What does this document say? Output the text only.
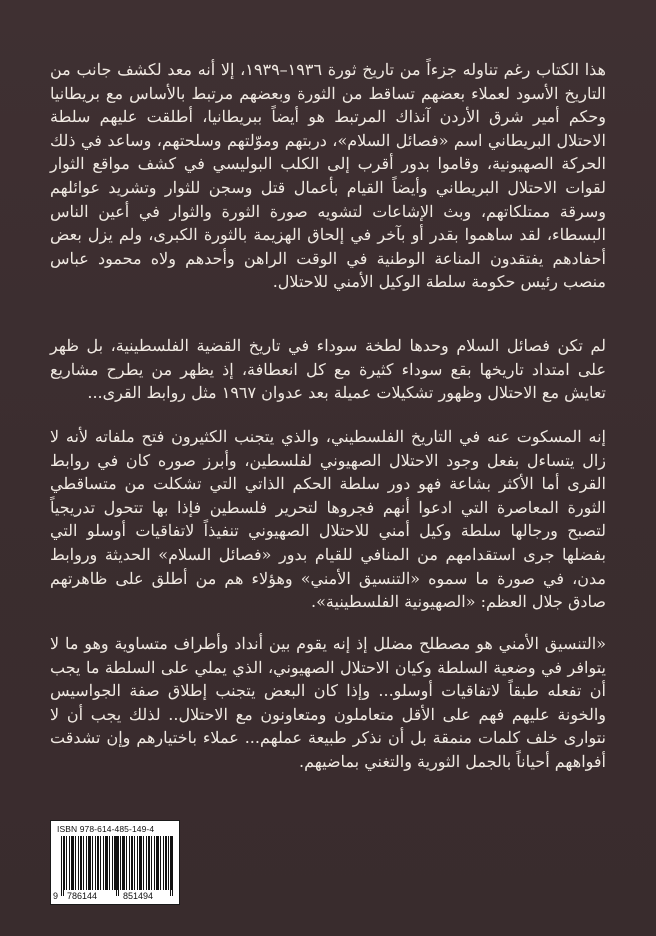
هذا الكتاب رغم تناوله جزءاً من تاريخ ثورة ١٩٣٦–١٩٣٩، إلا أنه معد لكشف جانب من التاريخ الأسود لعملاء بعضهم تساقط من الثورة وبعضهم مرتبط بالأساس مع بريطانيا وحكم أمير شرق الأردن آنذاك المرتبط هو أيضاً ببريطانيا، أطلقت عليهم سلطة الاحتلال البريطاني اسم «فصائل السلام»، دربتهم وموّلتهم وسلحتهم، وساعد في ذلك الحركة الصهيونية، وقاموا بدور أقرب إلى الكلب البوليسي في كشف مواقع الثوار لقوات الاحتلال البريطاني وأيضاً القيام بأعمال قتل وسجن للثوار وتشريد عوائلهم وسرقة ممتلكاتهم، وبث الإشاعات لتشويه صورة الثورة والثوار في أعين الناس البسطاء، لقد ساهموا بقدر أو بآخر في إلحاق الهزيمة بالثورة الكبرى، ولم يزل بعض أحفادهم يفتقدون المناعة الوطنية في الوقت الراهن وأحدهم ولاه محمود عباس منصب رئيس حكومة سلطة الوكيل الأمني للاحتلال.

لم تكن فصائل السلام وحدها لطخة سوداء في تاريخ القضية الفلسطينية، بل ظهر على امتداد تاريخها بقع سوداء كثيرة مع كل انعطافة، إذ يظهر من يطرح مشاريع تعايش مع الاحتلال وظهور تشكيلات عميلة بعد عدوان ١٩٦٧ مثل روابط القرى...

إنه المسكوت عنه في التاريخ الفلسطيني، والذي يتجنب الكثيرون فتح ملفاته لأنه لا زال يتساءل بفعل وجود الاحتلال الصهيوني لفلسطين، وأبرز صوره كان في روابط القرى أما الأكثر بشاعة فهو دور سلطة الحكم الذاتي التي تشكلت من متساقطي الثورة المعاصرة التي ادعوا أنهم فجروها لتحرير فلسطين فإذا بها تتحول تدريجياً لتصبح ورجالها سلطة وكيل أمني للاحتلال الصهيوني تنفيذاً لاتفاقيات أوسلو التي بفضلها جرى استقدامهم من المنافي للقيام بدور «فصائل السلام» الحديثة وروابط مدن، في صورة ما سموه «التنسيق الأمني» وهؤلاء هم من أطلق على ظاهرتهم صادق جلال العظم: «الصهيونية الفلسطينية».

«التنسيق الأمني هو مصطلح مضلل إذ إنه يقوم بين أنداد وأطراف متساوية وهو ما لا يتوافر في وضعية السلطة وكيان الاحتلال الصهيوني، الذي يملي على السلطة ما يجب أن تفعله طبقاً لاتفاقيات أوسلو... وإذا كان البعض يتجنب إطلاق صفة الجواسيس والخونة عليهم فهم على الأقل متعاملون ومتعاونون مع الاحتلال.. لذلك يجب أن لا نتوارى خلف كلمات منمقة بل أن نذكر طبيعة عملهم... عملاء باختيارهم وإن تشدقت أفواههم أحياناً بالجمل الثورية والتغني بماضيهم.

ISBN 978-614-485-149-4
9 786144	851494
